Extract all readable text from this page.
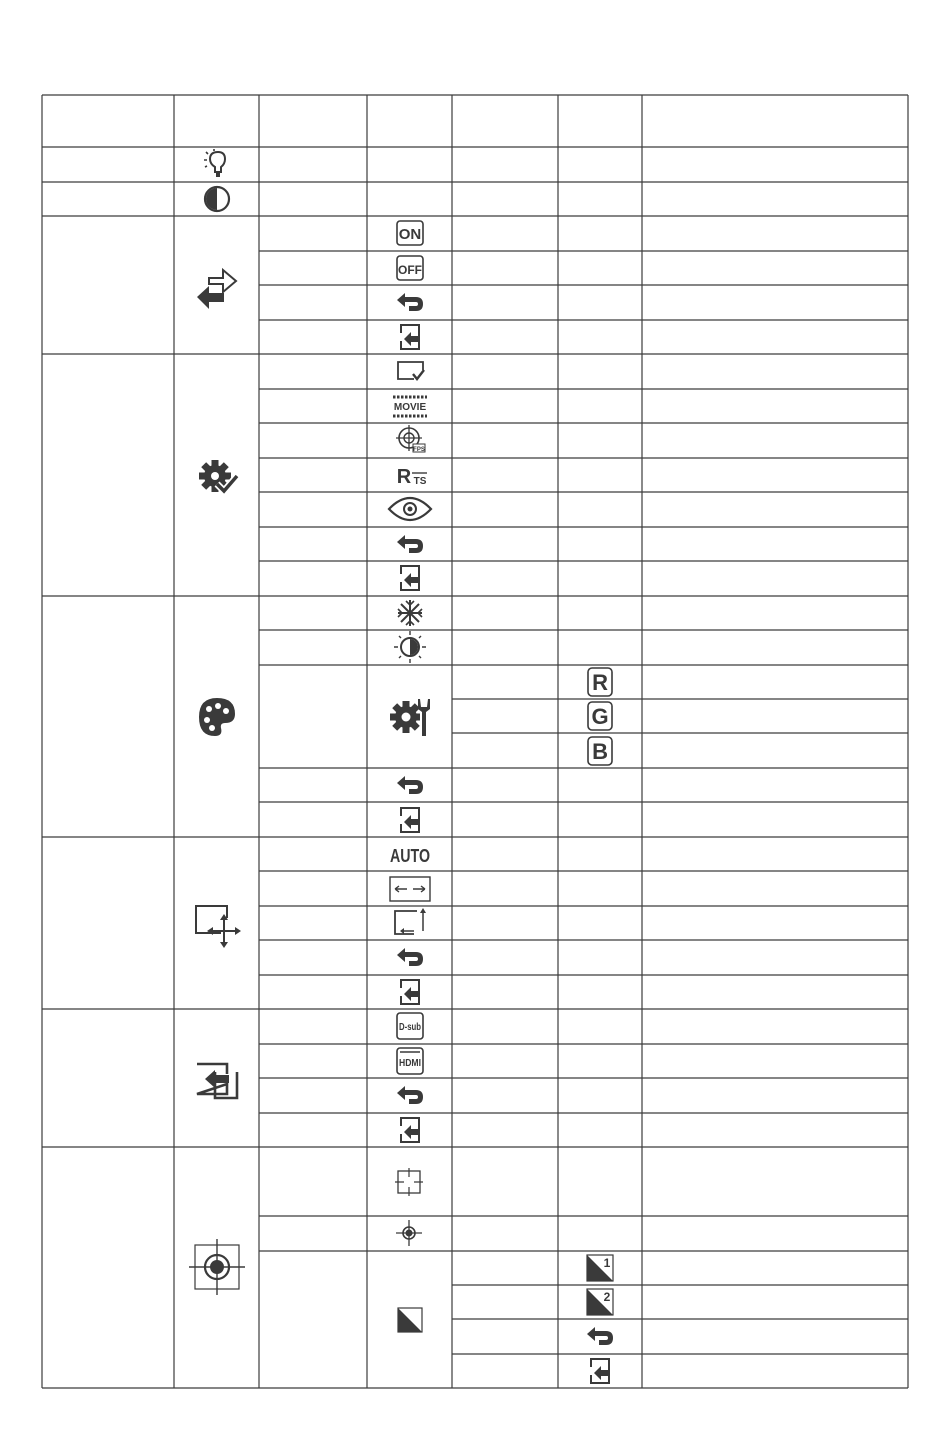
ON
OFF
MOVIE
FPS
R TS
AUTO
D-sub
HDMI
R
G
B
1
2
